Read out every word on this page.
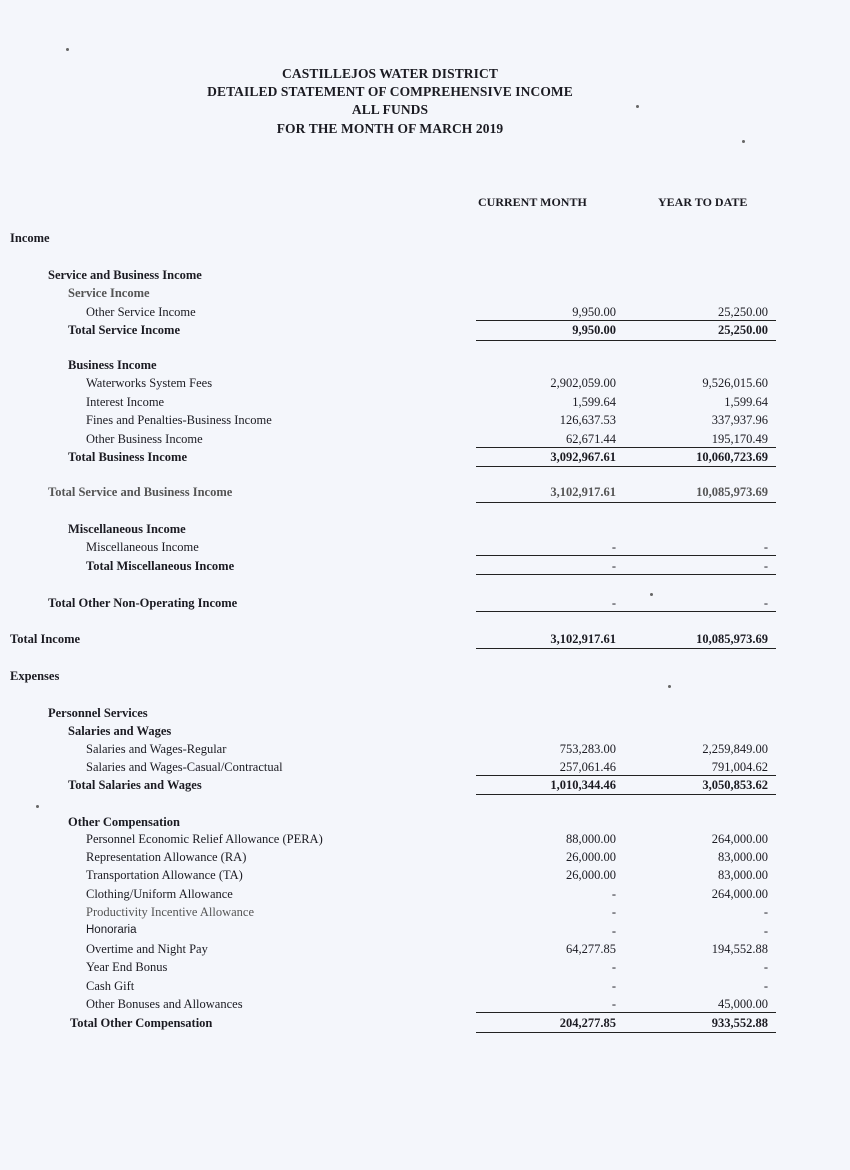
CASTILLEJOS WATER DISTRICT
DETAILED STATEMENT OF COMPREHENSIVE INCOME
ALL FUNDS
FOR THE MONTH OF MARCH 2019
CURRENT MONTH	YEAR TO DATE
Income
Service and Business Income
Service Income
Other Service Income	9,950.00	25,250.00
Total Service Income	9,950.00	25,250.00
Business Income
Waterworks System Fees	2,902,059.00	9,526,015.60
Interest Income	1,599.64	1,599.64
Fines and Penalties-Business Income	126,637.53	337,937.96
Other Business Income	62,671.44	195,170.49
Total Business Income	3,092,967.61	10,060,723.69
Total Service and Business Income	3,102,917.61	10,085,973.69
Miscellaneous Income
Miscellaneous Income	-	-
Total Miscellaneous Income	-	-
Total Other Non-Operating Income	-	-
Total Income	3,102,917.61	10,085,973.69
Expenses
Personnel Services
Salaries and Wages
Salaries and Wages-Regular	753,283.00	2,259,849.00
Salaries and Wages-Casual/Contractual	257,061.46	791,004.62
Total Salaries and Wages	1,010,344.46	3,050,853.62
Other Compensation
Personnel Economic Relief Allowance (PERA)	88,000.00	264,000.00
Representation Allowance (RA)	26,000.00	83,000.00
Transportation Allowance (TA)	26,000.00	83,000.00
Clothing/Uniform Allowance	-	264,000.00
Productivity Incentive Allowance	-	-
Honoraria	-	-
Overtime and Night Pay	64,277.85	194,552.88
Year End Bonus	-	-
Cash Gift	-	-
Other Bonuses and Allowances	-	45,000.00
Total Other Compensation	204,277.85	933,552.88
